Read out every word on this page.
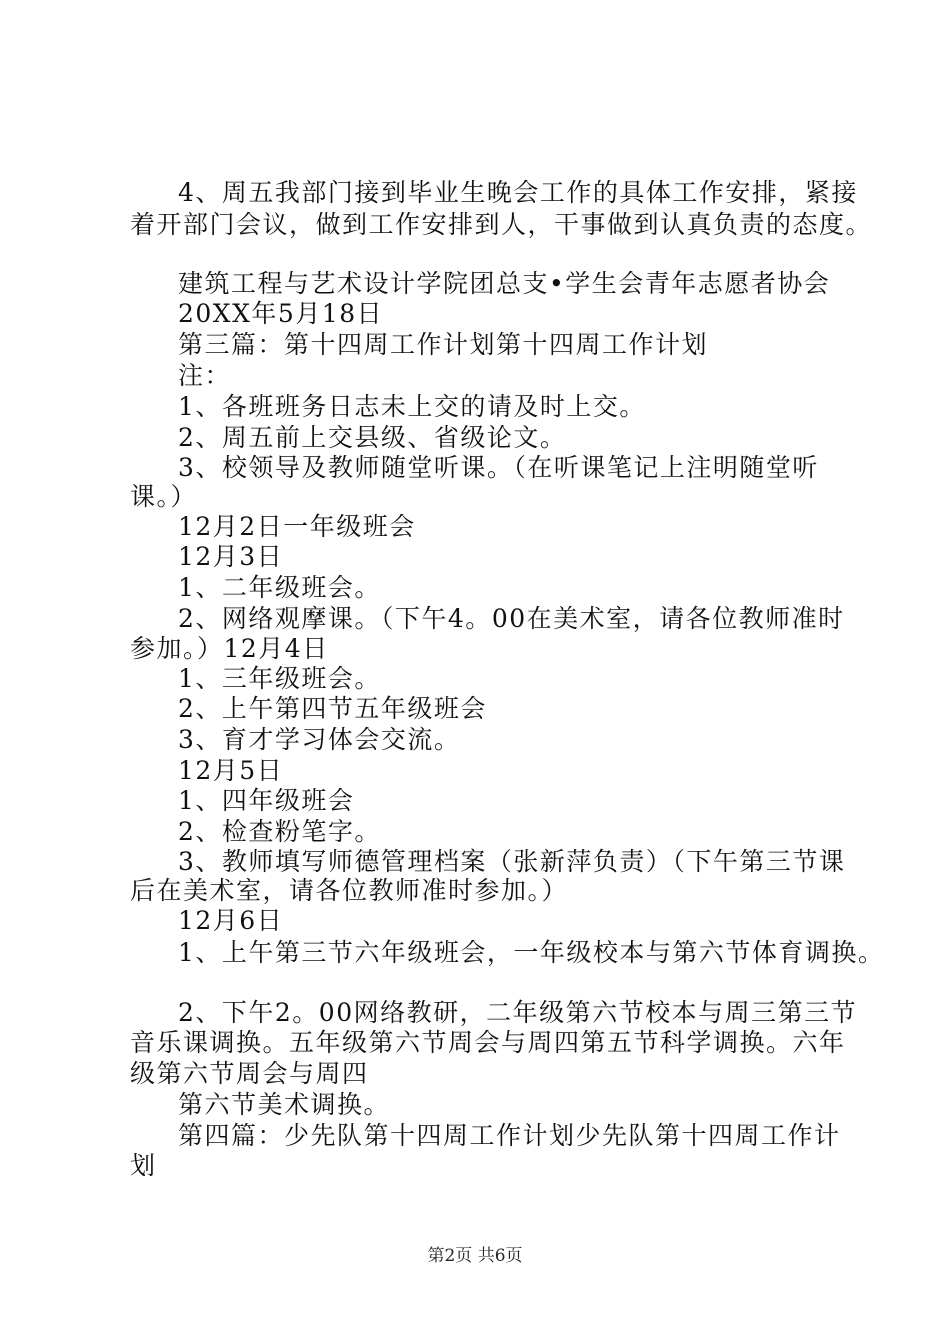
4、周五我部门接到毕业生晚会工作的具体工作安排，紧接
着开部门会议，做到工作安排到人，干事做到认真负责的态度。
建筑工程与艺术设计学院团总支•学生会青年志愿者协会
20XX年5月18日
第三篇：第十四周工作计划第十四周工作计划
注：
1、各班班务日志未上交的请及时上交。
2、周五前上交县级、省级论文。
3、校领导及教师随堂听课。（在听课笔记上注明随堂听
课。）
12月2日一年级班会
12月3日
1、二年级班会。
2、网络观摩课。（下午4。00在美术室，请各位教师准时
参加。）12月4日
1、三年级班会。
2、上午第四节五年级班会
3、育才学习体会交流。
12月5日
1、四年级班会
2、检查粉笔字。
3、教师填写师德管理档案（张新萍负责）（下午第三节课
后在美术室，请各位教师准时参加。）
12月6日
1、上午第三节六年级班会，一年级校本与第六节体育调换。
2、下午2。00网络教研，二年级第六节校本与周三第三节
音乐课调换。五年级第六节周会与周四第五节科学调换。六年
级第六节周会与周四
第六节美术调换。
第四篇：少先队第十四周工作计划少先队第十四周工作计
划
第2页 共6页
